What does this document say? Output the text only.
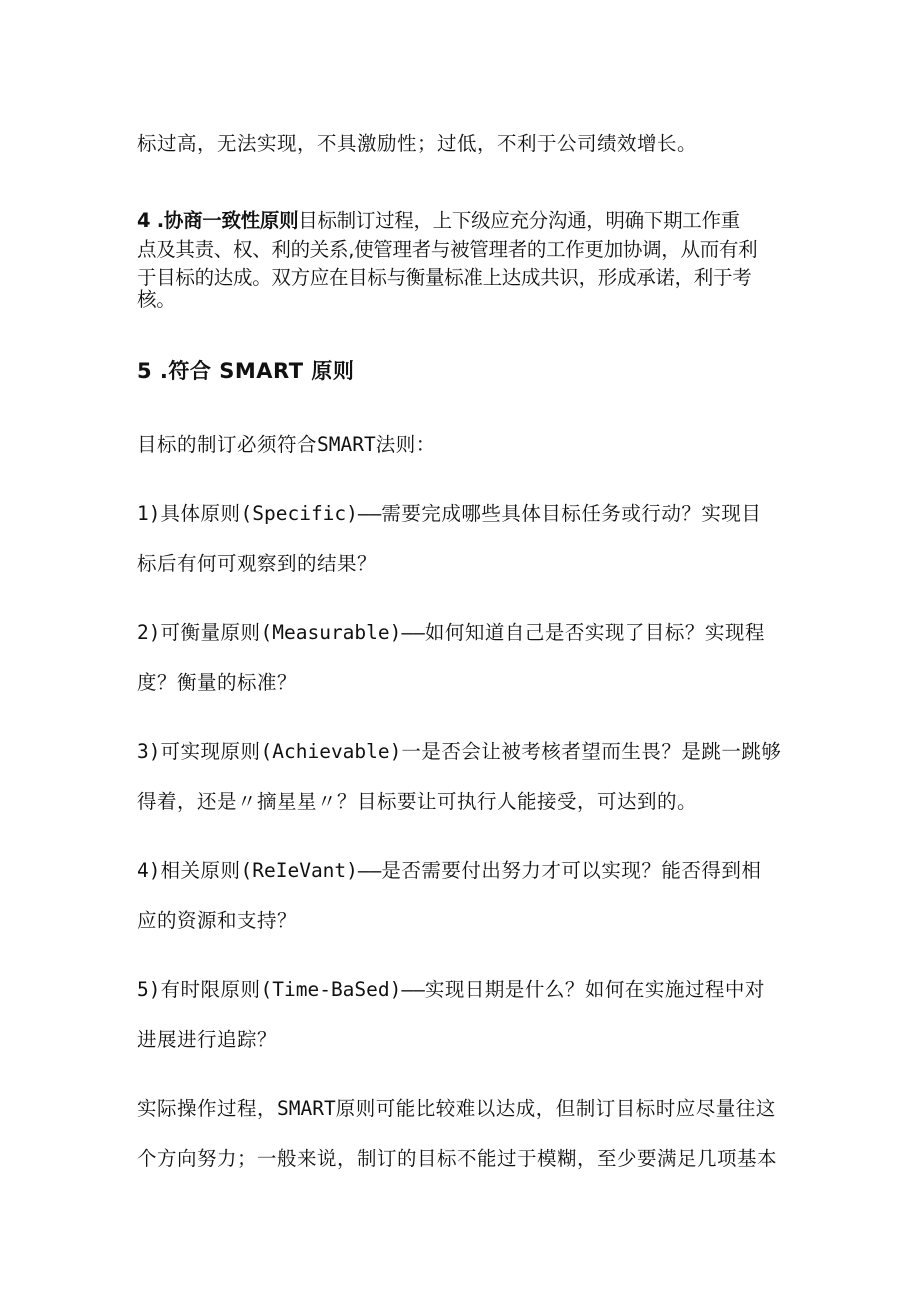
标过高，无法实现，不具激励性；过低，不利于公司绩效增长。
4 .协商一致性原则目标制订过程，上下级应充分沟通，明确下期工作重
点及其责、权、利的关系,使管理者与被管理者的工作更加协调，从而有利
于目标的达成。双方应在目标与衡量标准上达成共识，形成承诺，利于考
核。
5 .符合 SMART 原则
目标的制订必须符合SMART法则：
1)具体原则(Specific)——需要完成哪些具体目标任务或行动？实现目
标后有何可观察到的结果？
2)可衡量原则(Measurable)——如何知道自己是否实现了目标？实现程
度？衡量的标准？
3)可实现原则(Achievable)一是否会让被考核者望而生畏？是跳一跳够
得着，还是〃摘星星〃？目标要让可执行人能接受，可达到的。
4)相关原则(ReIeVant)——是否需要付出努力才可以实现？能否得到相
应的资源和支持？
5)有时限原则(Time-BaSed)——实现日期是什么？如何在实施过程中对
进展进行追踪？
实际操作过程，SMART原则可能比较难以达成，但制订目标时应尽量往这
个方向努力；一般来说，制订的目标不能过于模糊，至少要满足几项基本
